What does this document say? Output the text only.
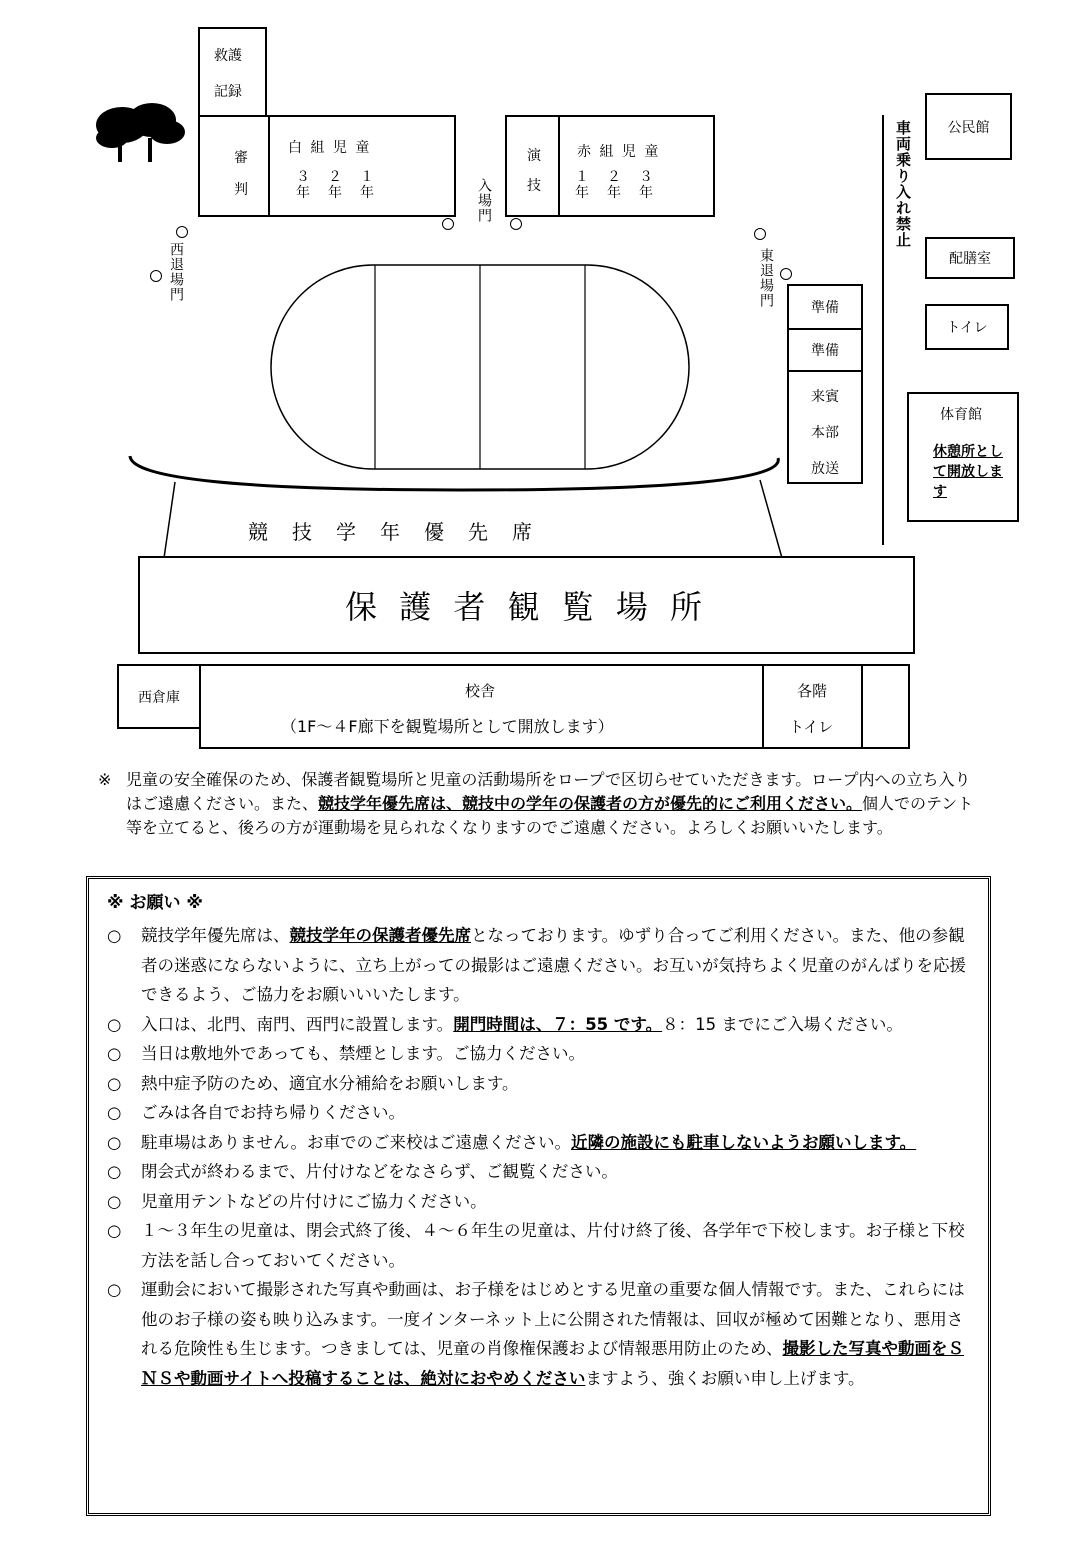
救護
記録
審
判
白 組 児 童
３
年
２
年
１
年
演
技
赤 組 児 童
１
年
２
年
３
年
入場門
西退場門	東退場門
競　技　学　年　優　先　席
保 護 者 観 覧 場 所
西倉庫	校舎
（1F～４F廊下を観覧場所として開放します）
各階
トイレ
準備
準備
来賓
本部
放送
車両乗り入れ禁止	公民館
配膳室
トイレ
体育館
休憩所として開放します
※ 児童の安全確保のため、保護者観覧場所と児童の活動場所をロープで区切らせていただきます。ロープ内への立ち入りはご遠慮ください。また、競技学年優先席は、競技中の学年の保護者の方が優先的にご利用ください。個人でのテント等を立てると、後ろの方が運動場を見られなくなりますのでご遠慮ください。よろしくお願いいたします。
※ お願い ※
○ 競技学年優先席は、競技学年の保護者優先席となっております。ゆずり合ってご利用ください。また、他の参観者の迷惑にならないように、立ち上がっての撮影はご遠慮ください。お互いが気持ちよく児童のがんばりを応援できるよう、ご協力をお願いいいたします。
○ 入口は、北門、南門、西門に設置します。開門時間は、７：55 です。８：15 までにご入場ください。
○ 当日は敷地外であっても、禁煙とします。ご協力ください。
○ 熱中症予防のため、適宜水分補給をお願いします。
○ ごみは各自でお持ち帰りください。
○ 駐車場はありません。お車でのご来校はご遠慮ください。近隣の施設にも駐車しないようお願いします。
○ 閉会式が終わるまで、片付けなどをなさらず、ご観覧ください。
○ 児童用テントなどの片付けにご協力ください。
○ １～３年生の児童は、閉会式終了後、４～６年生の児童は、片付け終了後、各学年で下校します。お子様と下校方法を話し合っておいてください。
○ 運動会において撮影された写真や動画は、お子様をはじめとする児童の重要な個人情報です。また、これらには他のお子様の姿も映り込みます。一度インターネット上に公開された情報は、回収が極めて困難となり、悪用される危険性も生じます。つきましては、児童の肖像権保護および情報悪用防止のため、撮影した写真や動画をＳＮＳや動画サイトへ投稿することは、絶対におやめくださいますよう、強くお願い申し上げます。
